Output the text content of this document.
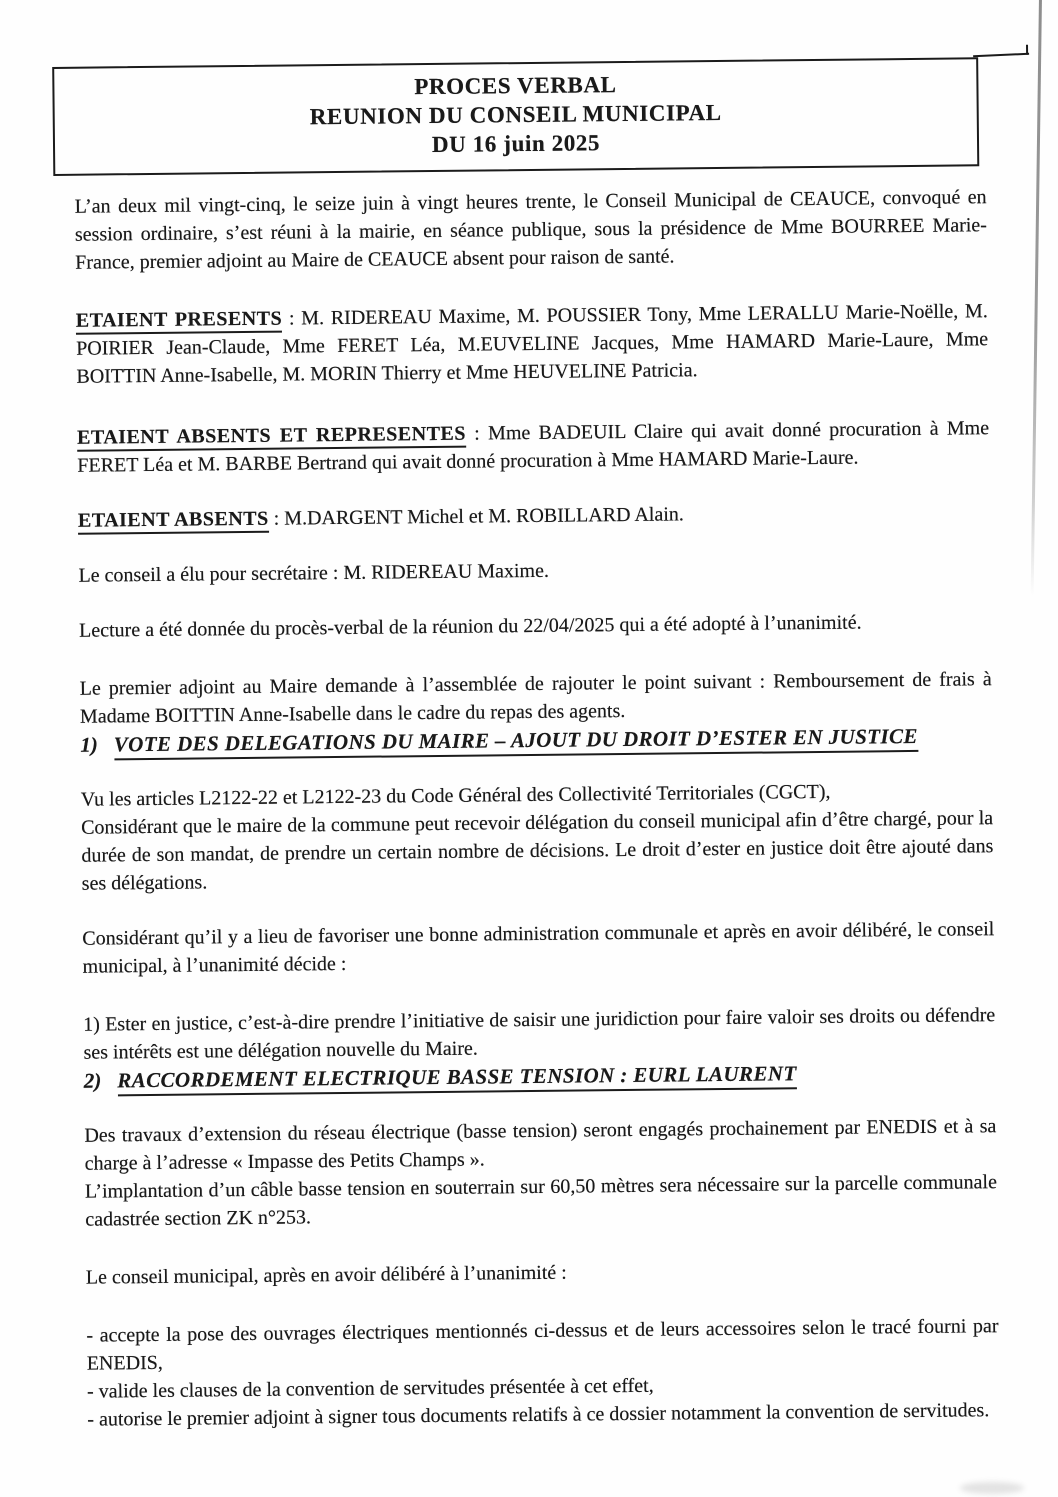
PROCES VERBAL
REUNION DU CONSEIL MUNICIPAL
DU 16 juin 2025

L’an deux mil vingt-cinq, le seize juin à vingt heures trente, le Conseil Municipal de CEAUCE, convoqué en session ordinaire, s’est réuni à la mairie, en séance publique, sous la présidence de Mme BOURREE Marie-France, premier adjoint au Maire de CEAUCE absent pour raison de santé.

ETAIENT PRESENTS : M. RIDEREAU Maxime, M. POUSSIER Tony, Mme LERALLU Marie-Noëlle, M. POIRIER Jean-Claude, Mme FERET Léa, M.EUVELINE Jacques, Mme HAMARD Marie-Laure, Mme BOITTIN Anne-Isabelle, M. MORIN Thierry et Mme HEUVELINE Patricia.

ETAIENT ABSENTS ET REPRESENTES : Mme BADEUIL Claire qui avait donné procuration à Mme FERET Léa et M. BARBE Bertrand qui avait donné procuration à Mme HAMARD Marie-Laure.

ETAIENT ABSENTS : M.DARGENT Michel et M. ROBILLARD Alain.

Le conseil a élu pour secrétaire : M. RIDEREAU Maxime.

Lecture a été donnée du procès-verbal de la réunion du 22/04/2025 qui a été adopté à l’unanimité.

Le premier adjoint au Maire demande à l’assemblée de rajouter le point suivant : Remboursement de frais à Madame BOITTIN Anne-Isabelle dans le cadre du repas des agents.

1) VOTE DES DELEGATIONS DU MAIRE – AJOUT DU DROIT D’ESTER EN JUSTICE

Vu les articles L2122-22 et L2122-23 du Code Général des Collectivité Territoriales (CGCT),
Considérant que le maire de la commune peut recevoir délégation du conseil municipal afin d’être chargé, pour la durée de son mandat, de prendre un certain nombre de décisions. Le droit d’ester en justice doit être ajouté dans ses délégations.

Considérant qu’il y a lieu de favoriser une bonne administration communale et après en avoir délibéré, le conseil municipal, à l’unanimité décide :

1) Ester en justice, c’est-à-dire prendre l’initiative de saisir une juridiction pour faire valoir ses droits ou défendre ses intérêts est une délégation nouvelle du Maire.

2) RACCORDEMENT ELECTRIQUE BASSE TENSION : EURL LAURENT

Des travaux d’extension du réseau électrique (basse tension) seront engagés prochainement par ENEDIS et à sa charge à l’adresse « Impasse des Petits Champs ».
L’implantation d’un câble basse tension en souterrain sur 60,50 mètres sera nécessaire sur la parcelle communale cadastrée section ZK n°253.

Le conseil municipal, après en avoir délibéré à l’unanimité :

- accepte la pose des ouvrages électriques mentionnés ci-dessus et de leurs accessoires selon le tracé fourni par ENEDIS,
- valide les clauses de la convention de servitudes présentée à cet effet,
- autorise le premier adjoint à signer tous documents relatifs à ce dossier notamment la convention de servitudes.
